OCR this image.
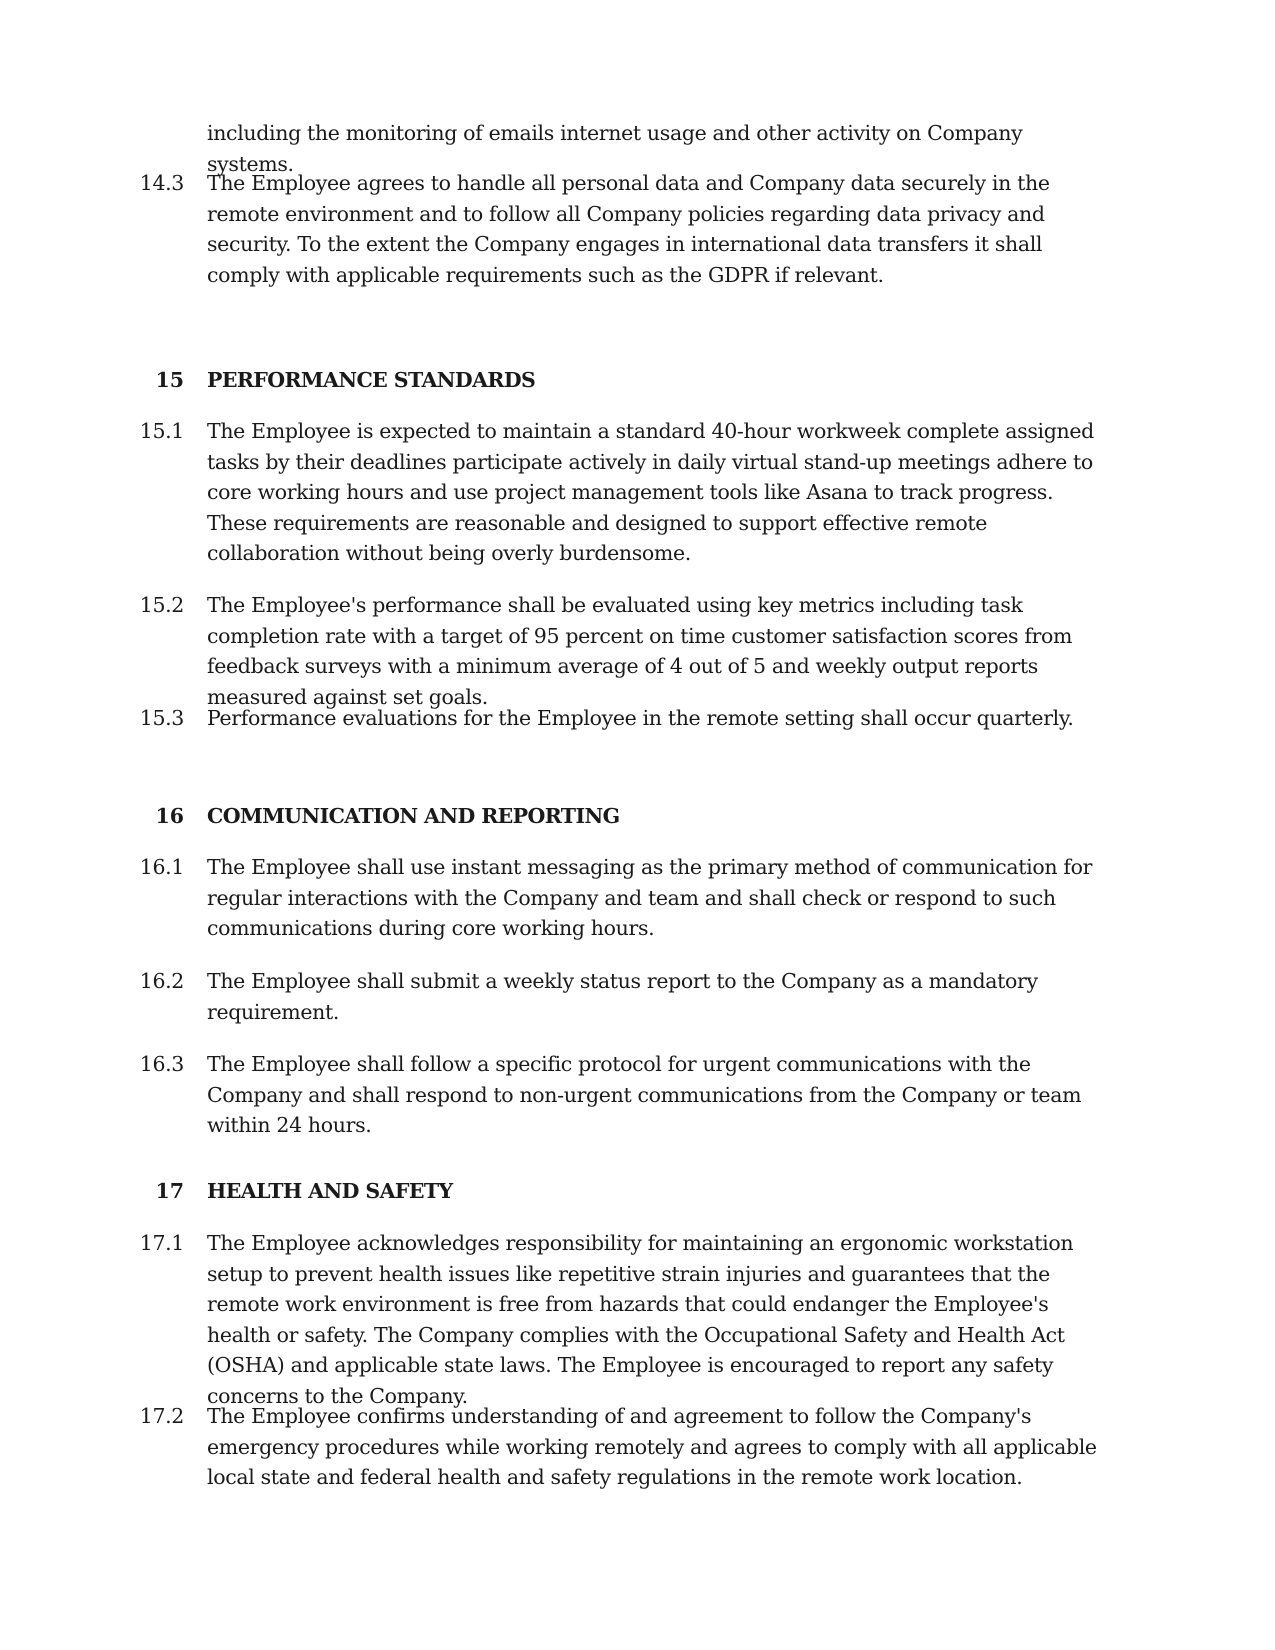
including the monitoring of emails internet usage and other activity on Company systems.
14.3 The Employee agrees to handle all personal data and Company data securely in the remote environment and to follow all Company policies regarding data privacy and security. To the extent the Company engages in international data transfers it shall comply with applicable requirements such as the GDPR if relevant.
15 PERFORMANCE STANDARDS
15.1 The Employee is expected to maintain a standard 40-hour workweek complete assigned tasks by their deadlines participate actively in daily virtual stand-up meetings adhere to core working hours and use project management tools like Asana to track progress. These requirements are reasonable and designed to support effective remote collaboration without being overly burdensome.
15.2 The Employee's performance shall be evaluated using key metrics including task completion rate with a target of 95 percent on time customer satisfaction scores from feedback surveys with a minimum average of 4 out of 5 and weekly output reports measured against set goals.
15.3 Performance evaluations for the Employee in the remote setting shall occur quarterly.
16 COMMUNICATION AND REPORTING
16.1 The Employee shall use instant messaging as the primary method of communication for regular interactions with the Company and team and shall check or respond to such communications during core working hours.
16.2 The Employee shall submit a weekly status report to the Company as a mandatory requirement.
16.3 The Employee shall follow a specific protocol for urgent communications with the Company and shall respond to non-urgent communications from the Company or team within 24 hours.
17 HEALTH AND SAFETY
17.1 The Employee acknowledges responsibility for maintaining an ergonomic workstation setup to prevent health issues like repetitive strain injuries and guarantees that the remote work environment is free from hazards that could endanger the Employee's health or safety. The Company complies with the Occupational Safety and Health Act (OSHA) and applicable state laws. The Employee is encouraged to report any safety concerns to the Company.
17.2 The Employee confirms understanding of and agreement to follow the Company's emergency procedures while working remotely and agrees to comply with all applicable local state and federal health and safety regulations in the remote work location.
